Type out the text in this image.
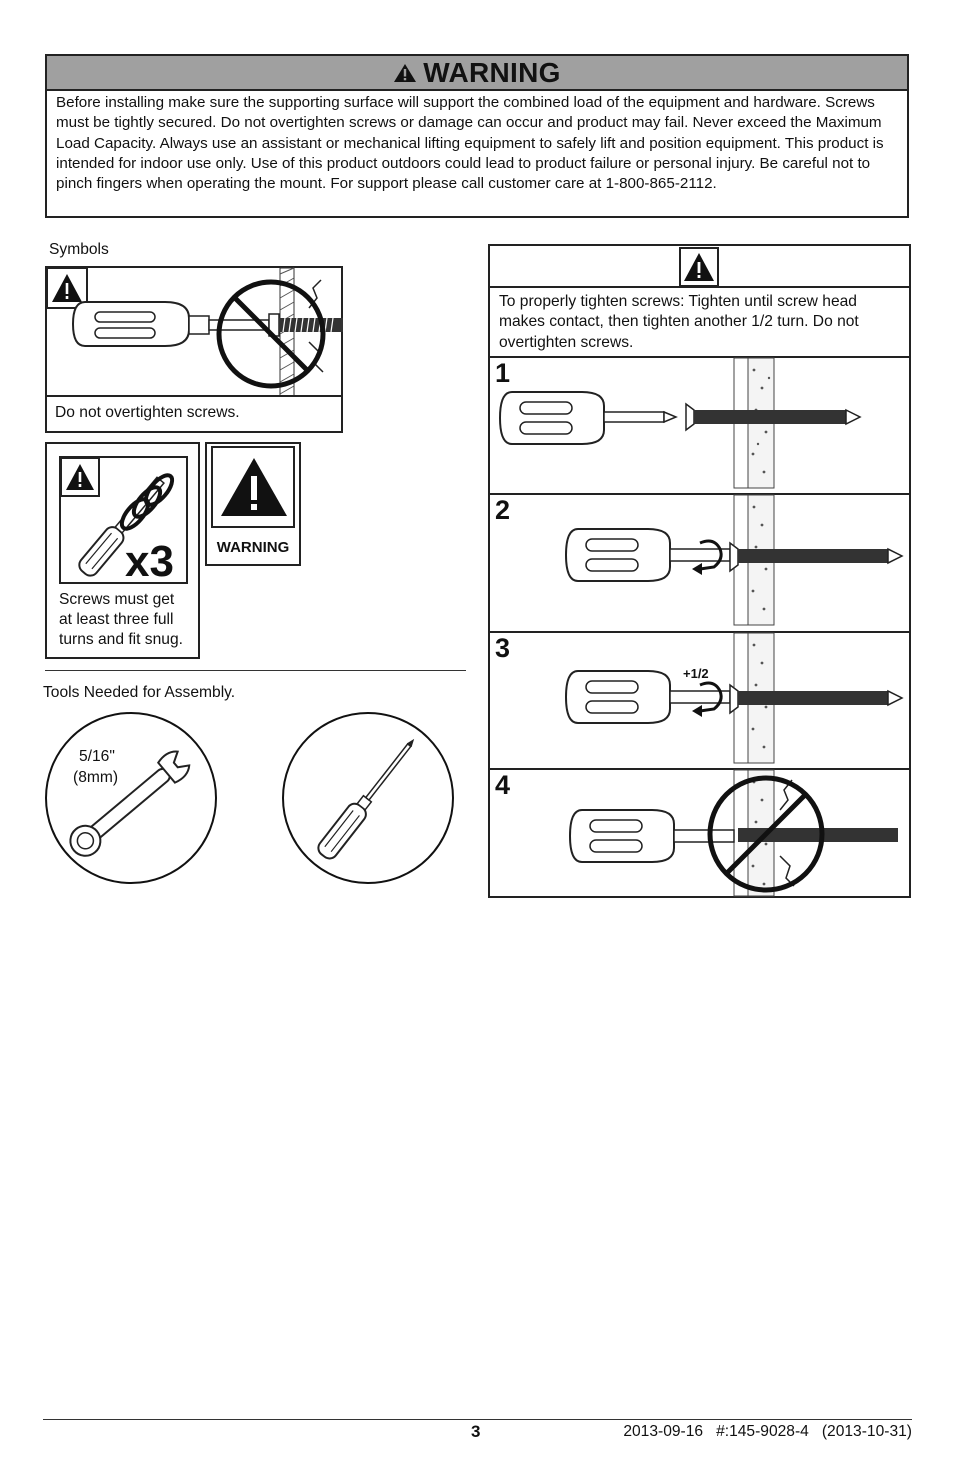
WARNING
Before installing make sure the supporting surface will support the combined load of the equipment and hardware. Screws must be tightly secured. Do not overtighten screws or damage can occur and product may fail. Never exceed the Maximum Load Capacity. Always use an assistant or mechanical lifting equipment to safely lift and position equipment. This product is intended for indoor use only. Use of this product outdoors could lead to product failure or personal injury. Be careful not to pinch fingers when operating the mount. For support please call customer care at 1-800-865-2112.
Symbols
Do not overtighten screws.
x3
Screws must get
at least three full
turns and fit snug.
WARNING
Tools Needed for Assembly.
5/16"
(8mm)
To properly tighten screws: Tighten until screw head makes contact, then tighten another 1/2 turn. Do not overtighten screws.
1
2
3
+1/2
4
3	2013-09-16   #:145-9028-4   (2013-10-31)
